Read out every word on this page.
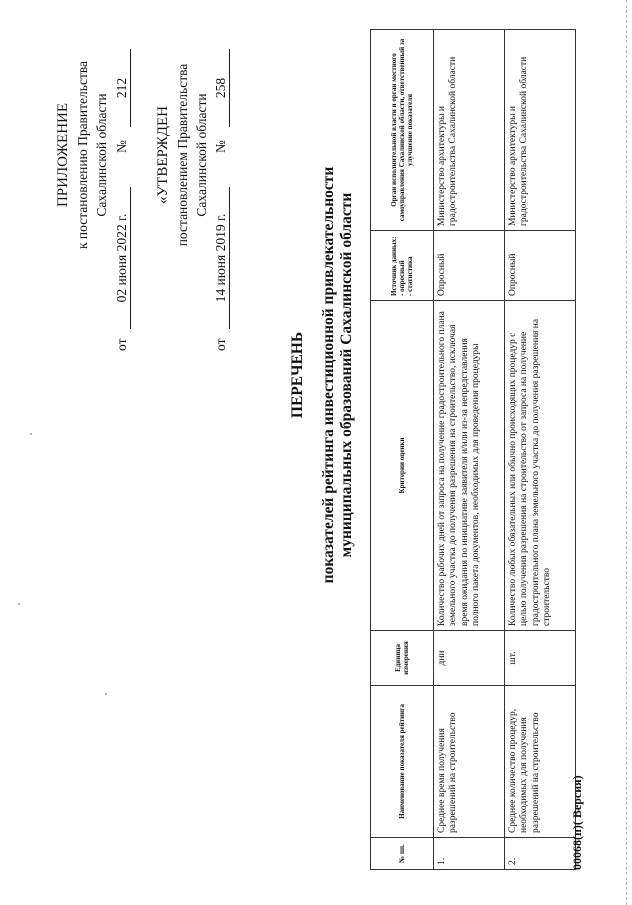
ПРИЛОЖЕНИЕ к постановлению Правительства Сахалинской области
от
02 июня 2022 г.
№
212
«УТВЕРЖДЕН постановлением Правительства Сахалинской области
от
14 июня 2019 г.
№
258
ПЕРЕЧЕНЬ показателей рейтинга инвестиционной привлекательности муниципальных образований Сахалинской области
№ пп.	Наименование показателя рейтинга	Единица измерения	Критерии оценки	Источник данных: - опросный - статистика	Орган исполнительной власти и орган местного самоуправления Сахалинской области, ответственный за улучшение показателя
1.	Среднее время получения разрешений на строительство	дни	Количество рабочих дней от запроса на получение градостроительного плана земельного участка до получения разрешения на строительство, исключая время ожидания по инициативе заявителя и/или из-за непредставления полного пакета документов, необходимых для проведения процедуры	Опросный	Министерство архитектуры и градостроительства Сахалинской области
2.	Среднее количество процедур, необходимых для получения разрешений на строительство	шт.	Количество любых обязательных или обычно происходящих процедур с целью получения разрешения на строительство от запроса на получение градостроительного плана земельного участка до получения разрешения на строительство	Опросный	Министерство архитектуры и градостроительства Сахалинской области
00068(п)( Версия)
